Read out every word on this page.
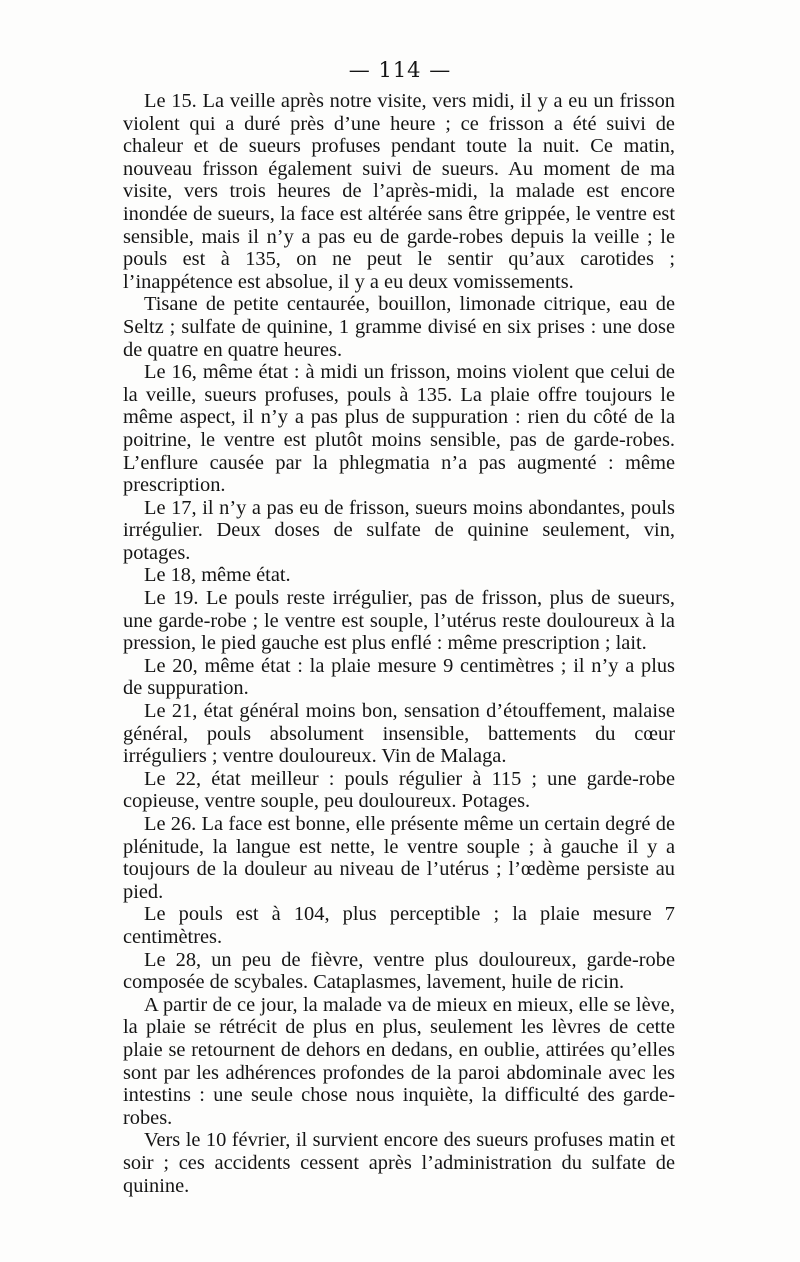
— 114 —

Le 15. La veille après notre visite, vers midi, il y a eu un frisson violent qui a duré près d’une heure ; ce frisson a été suivi de chaleur et de sueurs profuses pendant toute la nuit. Ce matin, nouveau frisson également suivi de sueurs. Au moment de ma visite, vers trois heures de l’après-midi, la malade est encore inondée de sueurs, la face est altérée sans être grippée, le ventre est sensible, mais il n’y a pas eu de garde-robes depuis la veille ; le pouls est à 135, on ne peut le sentir qu’aux carotides ; l’inappétence est absolue, il y a eu deux vomissements.

Tisane de petite centaurée, bouillon, limonade citrique, eau de Seltz ; sulfate de quinine, 1 gramme divisé en six prises : une dose de quatre en quatre heures.

Le 16, même état : à midi un frisson, moins violent que celui de la veille, sueurs profuses, pouls à 135. La plaie offre toujours le même aspect, il n’y a pas plus de suppuration : rien du côté de la poitrine, le ventre est plutôt moins sensible, pas de garde-robes. L’enflure causée par la phlegmatia n’a pas augmenté : même prescription.

Le 17, il n’y a pas eu de frisson, sueurs moins abondantes, pouls irrégulier. Deux doses de sulfate de quinine seulement, vin, potages.

Le 18, même état.

Le 19. Le pouls reste irrégulier, pas de frisson, plus de sueurs, une garde-robe ; le ventre est souple, l’utérus reste douloureux à la pression, le pied gauche est plus enflé : même prescription ; lait.

Le 20, même état : la plaie mesure 9 centimètres ; il n’y a plus de suppuration.

Le 21, état général moins bon, sensation d’étouffement, malaise général, pouls absolument insensible, battements du cœur irréguliers ; ventre douloureux. Vin de Malaga.

Le 22, état meilleur : pouls régulier à 115 ; une garde-robe copieuse, ventre souple, peu douloureux. Potages.

Le 26. La face est bonne, elle présente même un certain degré de plénitude, la langue est nette, le ventre souple ; à gauche il y a toujours de la douleur au niveau de l’utérus ; l’œdème persiste au pied.

Le pouls est à 104, plus perceptible ; la plaie mesure 7 centimètres.

Le 28, un peu de fièvre, ventre plus douloureux, garde-robe composée de scybales. Cataplasmes, lavement, huile de ricin.

A partir de ce jour, la malade va de mieux en mieux, elle se lève, la plaie se rétrécit de plus en plus, seulement les lèvres de cette plaie se retournent de dehors en dedans, en oublie, attirées qu’elles sont par les adhérences profondes de la paroi abdominale avec les intestins : une seule chose nous inquiète, la difficulté des garde-robes.

Vers le 10 février, il survient encore des sueurs profuses matin et soir ; ces accidents cessent après l’administration du sulfate de quinine.
